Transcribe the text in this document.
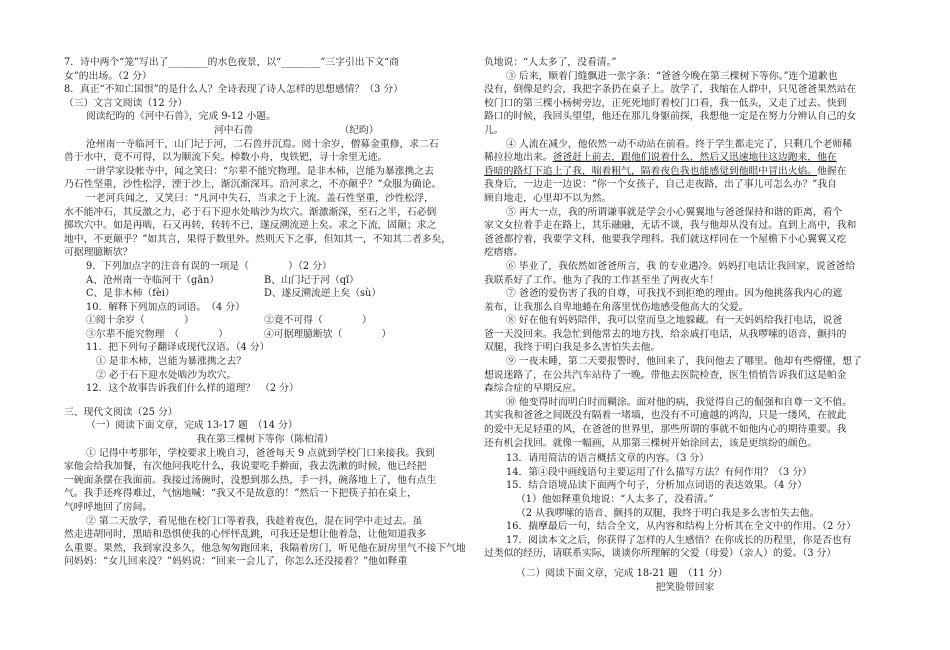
7．诗中两个“笼”写出了________的水色夜景，以“________”三字引出下文“商
女”的出场。（2 分）
8．真正“不知亡国恨”的是什么人？全诗表现了诗人怎样的思想感情？（3 分）
（三）文言文阅读（12 分）
阅读纪昀的《河中石兽》，完成 9-12 小题。
河中石兽	（纪昀）
沧州南一寺临河干，山门圮于河，二石兽并沉焉。阅十余岁，僧募金重修，求二石
兽于水中，竟不可得，以为顺流下矣。棹数小舟，曳铁钯，寻十余里无迹。
一讲学家设帐寺中，闻之笑曰：“尔辈不能究物理。是非木柿，岂能为暴涨携之去
乃石性坚重，沙性松浮，湮于沙上，渐沉渐深耳。沿河求之，不亦颠乎？”众服为确论。
一老河兵闻之，又笑曰：“凡河中失石，当求之于上流。盖石性坚重，沙性松浮，
水不能冲石，其反激之力，必于石下迎水处啮沙为坎穴。渐激渐深，至石之半，石必倒
掷坎穴中。如是再啮，石又再转，转转不已，遂反溯流逆上矣。求之下流，固颠；求之
地中，不更颠乎？”如其言，果得于数里外。然则天下之事，但知其一，不知其二者多矣，
可据理臆断欤？
9．下列加点字的注音有误的一项是（　　　　）（2 分）
A、沧州南一寺临河干（gān）	B、山门圮于河（qǐ）
C、是非木柿（fèi）	D、遂反溯流逆上矣（sù）
10．解释下列加点的词语。　（4 分）
①阅十余岁（　　　　）	②竟不可得（　　　　）
③尔辈不能究物理　（　　　　）	④可据理臆断欤（　　　　）
11．把下列句子翻译成现代汉语。（4 分）
① 是非木柿，岂能为暴涨携之去？
② 必于石下迎水处啮沙为坎穴。
12．这个故事告诉我们什么样的道理？　（2 分）
三、现代文阅读（25 分）
（一）阅读下面文章，完成 13-17 题　（14 分）
我在第三棵树下等你（陈柏清）
① 记得中考那年，学校要求上晚自习，爸爸每天 9 点就到学校门口来接我。我到
家他会给我加餐，有次他问我吃什么，我说要吃手擀面，我去洗漱的时候，他已经把
一碗面条摆在我面前。我接过汤碗时，没想到那么热，手一抖，碗落地上了，他有点生
气。我手还疼得难过，气恼地喊：“我又不是故意的！”然后一下把筷子拍在桌上，
气呼呼地回了房间。
② 第二天放学，看见他在校门口等着我，我趁着夜色，混在同学中走过去。虽
然走进胡同时，黑暗和恐惧使我的心怦怦乱跳，可我还是想让他着急，让他知道我多
么重要。果然，我到家没多久，他急匆匆跑回来，我隔着房门，听见他在厨房里气不接下气地
问妈妈：“女儿回来没？”妈妈说：“回来一会儿了，你怎么还没接着？”他如释重
负地说：“人太多了，没看清。”
③ 后来，顺着门缝飘进一张字条：“爸爸今晚在第三棵树下等你。”连个道歉也
没有，倒像是约会，我把字条扔在桌子上。放学了，我缩在人群中，只见爸爸果然站在
校门口的第三棵小杨树旁边，正死死地盯着校门口看，我一低头，又走了过去。快到
路口的时候，我回头望望，他还在那儿身躯前探，我想他一定是在努力分辨认自己的女
儿。
④ 人流在减少，他依然一动不动站在前看。终于学生都走完了，只剩几个老师稀
稀拉拉地出来。爸爸赶上前去，跟他们说着什么，然后又迅速地往这边跑来，他在
昏暗的路灯下追上了我，喘着粗气，隔着夜色我也能感觉到他眼中冒出火焰。他握在
我身后，一边走一边说：“你一个女孩子，自己走夜路，出了事儿可怎么办？”我自
顾自地走，心里却不以为然。
⑤ 再大一点，我的所谓谦事就是学会小心翼翼地与爸爸保持和谐的距离，看个
家文女拉着手走在路上，其乐融融，无话不谈，我与他却从没有过。直到上高中，我和
爸爸都拧着，我要学文科，他要我学理科。我们就这样同在一个屋檐下小心翼翼又疙
疙瘩瘩。
⑥ 毕业了，我依然如爸爸所言，我 的专业遇冷。妈妈打电话让我回家，说爸爸给
我联系好了工作。他为了我的工作甚至坐了两夜火车！
⑦ 爸爸的爱伤害了我的自尊，可我找不到拒绝的理由。因为他挑落我内心的遮
羞布，让我那么自卑地蜷在角落里忧伤地感受他高大的父爱。
⑧ 好在他有妈妈陪伴，我可以堂而皇之地躲藏。有一天妈妈给我打电话，说爸
爸一天没回来。我急忙到他常去的地方找，给亲戚打电话，从我啰嗦的语音、颤抖的
双腿，我终于明白我是多么害怕失去他。
⑨ 一夜未睡，第二天要报警时，他回来了，我问他去了哪里。他却有些懵懂，想了
想说迷路了，在公共汽车站待了一晚。带他去医院检查，医生悄悄告诉我们这是帕金
森综合症的早期反应。
⑩ 他变得时而明白时而糊涂。面对他的病，我觉得自己的倔强和自尊一文不值。
其实我和爸爸之间既没有隔着一堵墙，也没有不可逾越的鸿沟，只是一缕风，在彼此
的爱中无足轻重的风，在爸爸的世界里，那些所谓的事就不如他内心的期待重要。我
还有机会找回。就像一幅画，从那第三棵树开始涂回去，该是更缤纷的颜色。
13．请用简洁的语言概括文章的内容。（3 分）
14．第④段中画线语句主要运用了什么描写方法？有何作用？（3 分）
15．结合语境品读下面两个句子，分析加点词语的表达效果。（4 分）
（1）他如释重负地说：“人太多了，没看清。”
（2 从我啰嗦的语音、颤抖的双腿，我终于明白我是多么害怕失去他。
16．揣摩最后一句，结合全文，从内容和结构上分析其在全文中的作用。（2 分）
17．阅读本文之后，你获得了怎样的人生感悟？在你成长的历程里，你是否也有
过类似的经历，请联系实际，谈谈你所理解的父爱（母爱）（亲人）的爱。（3 分）
（二）阅读下面文章，完成 18-21 题　（11 分）
把笑脸带回家
